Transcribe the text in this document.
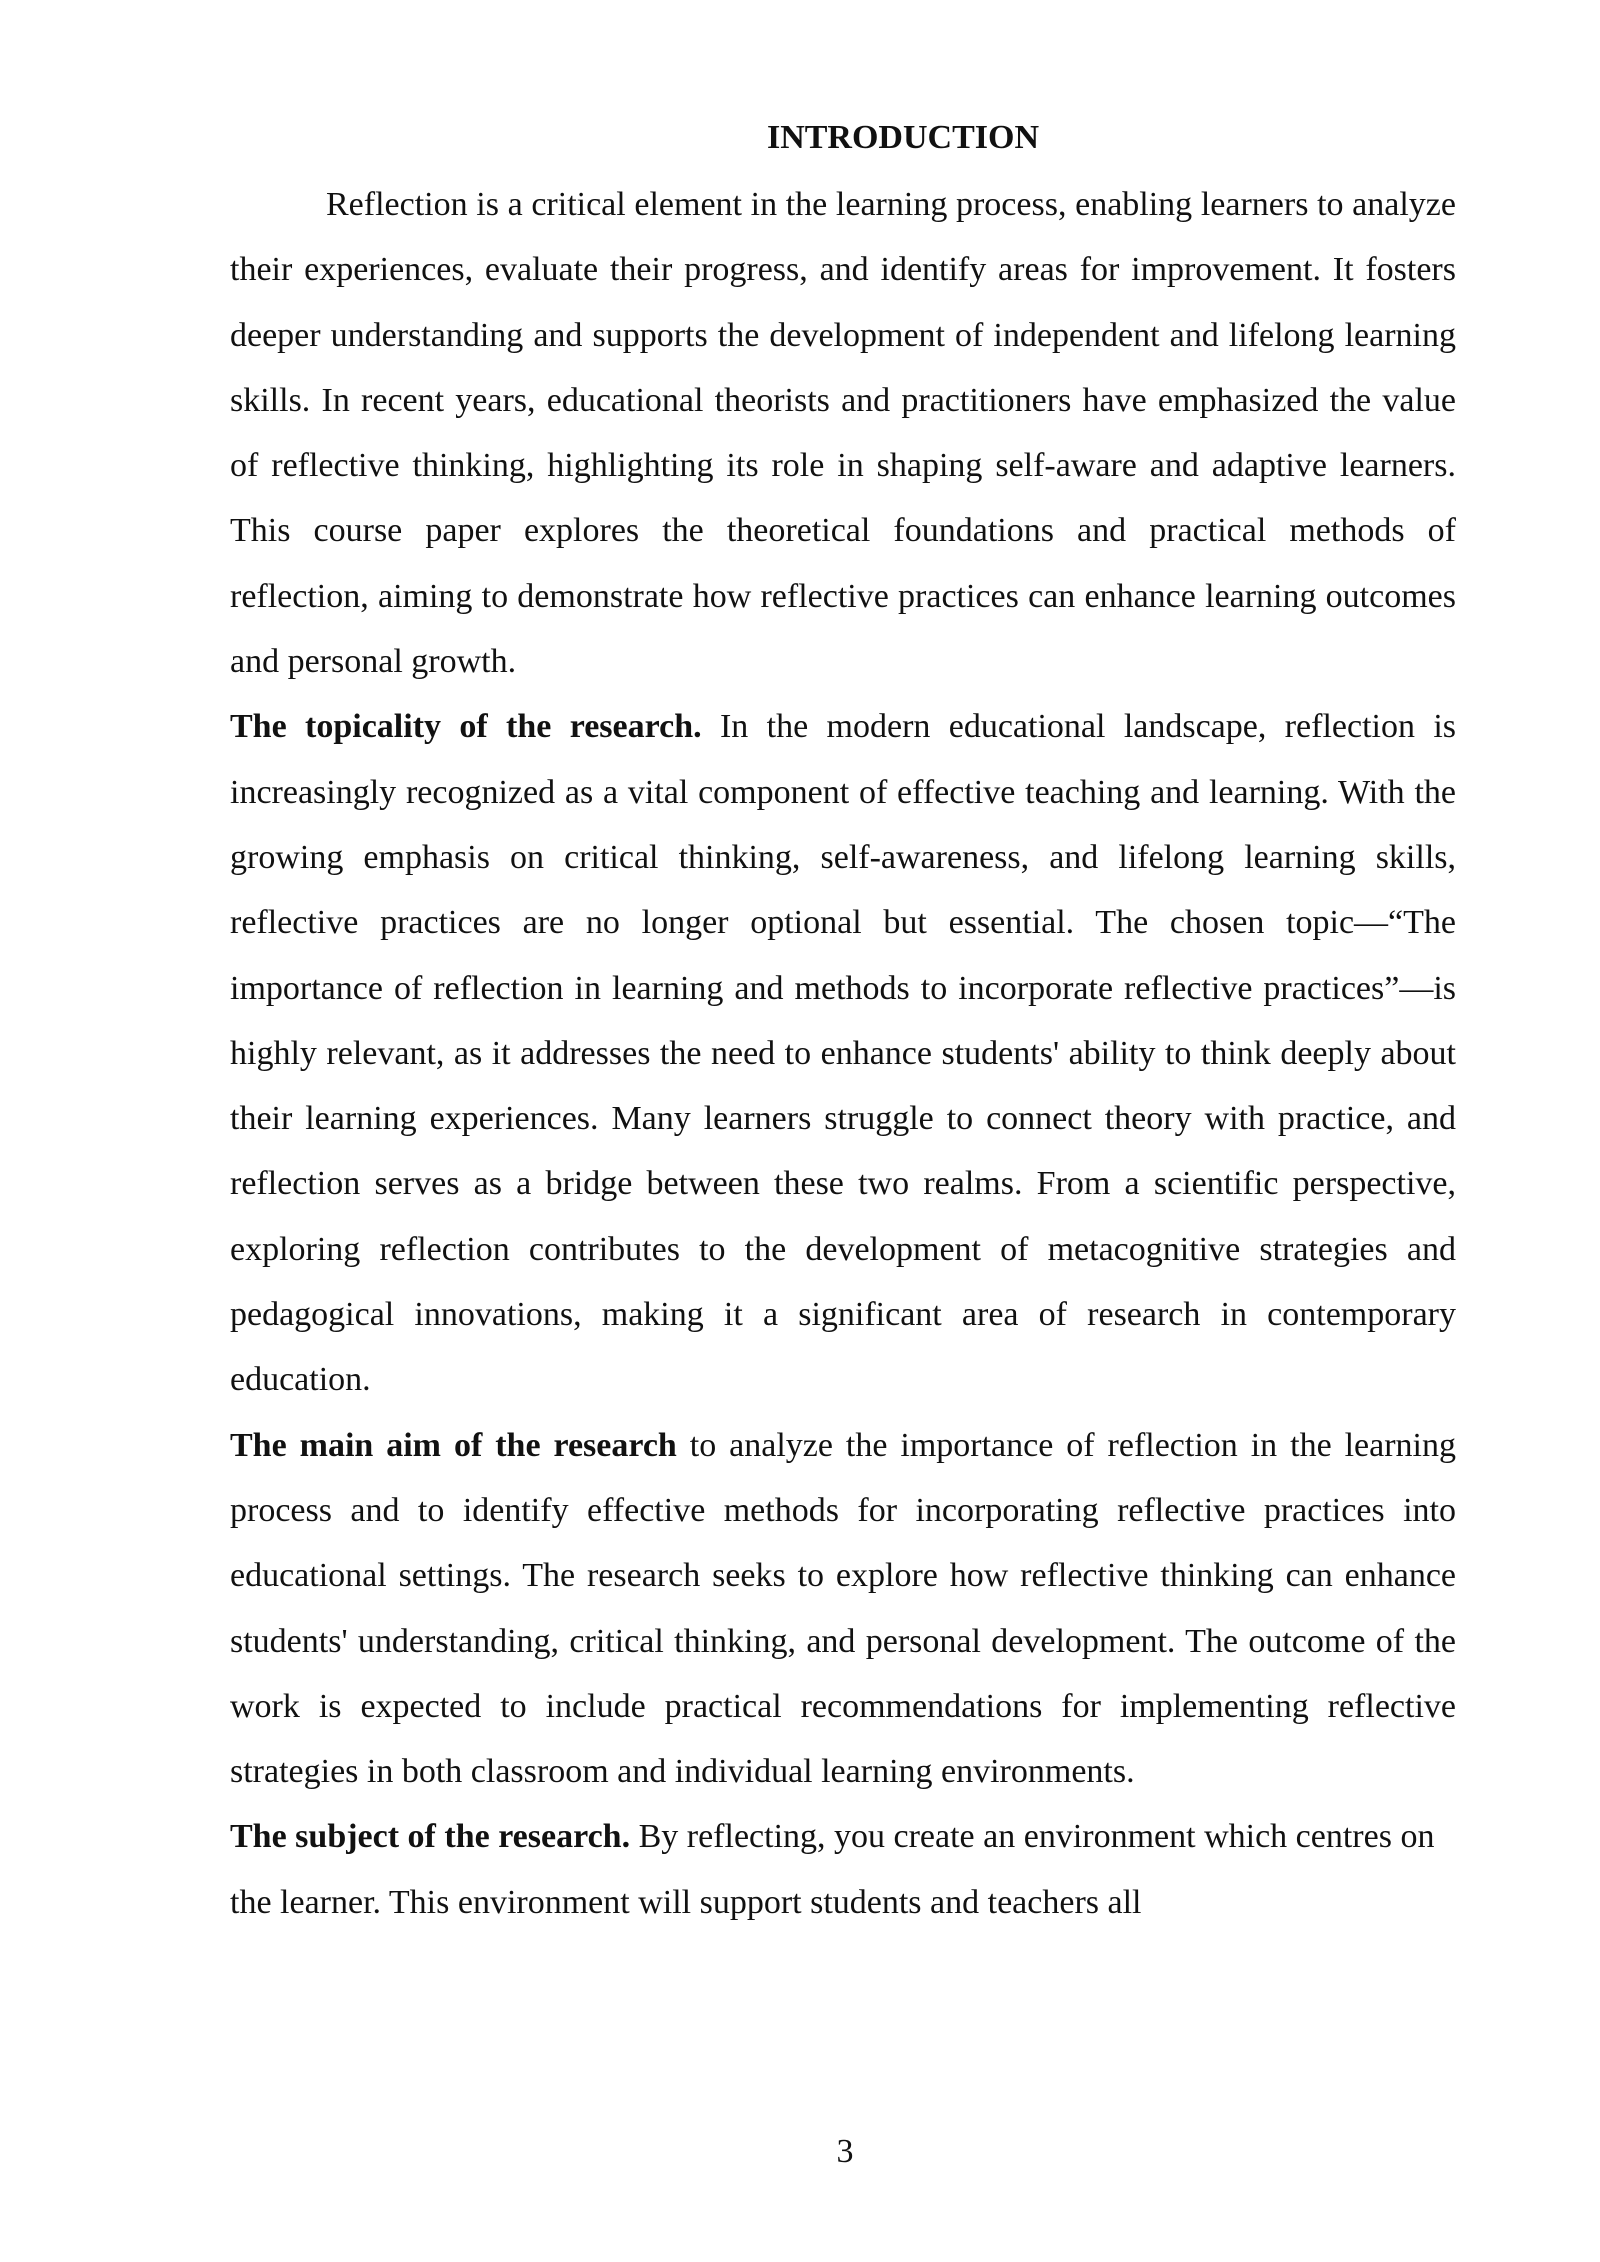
INTRODUCTION

Reflection is a critical element in the learning process, enabling learners to analyze their experiences, evaluate their progress, and identify areas for improvement. It fosters deeper understanding and supports the development of independent and lifelong learning skills. In recent years, educational theorists and practitioners have emphasized the value of reflective thinking, highlighting its role in shaping self-aware and adaptive learners. This course paper explores the theoretical foundations and practical methods of reflection, aiming to demonstrate how reflective practices can enhance learning outcomes and personal growth.

The topicality of the research. In the modern educational landscape, reflection is increasingly recognized as a vital component of effective teaching and learning. With the growing emphasis on critical thinking, self-awareness, and lifelong learning skills, reflective practices are no longer optional but essential. The chosen topic—“The importance of reflection in learning and methods to incorporate reflective practices”—is highly relevant, as it addresses the need to enhance students' ability to think deeply about their learning experiences. Many learners struggle to connect theory with practice, and reflection serves as a bridge between these two realms. From a scientific perspective, exploring reflection contributes to the development of metacognitive strategies and pedagogical innovations, making it a significant area of research in contemporary education.

The main aim of the research to analyze the importance of reflection in the learning process and to identify effective methods for incorporating reflective practices into educational settings. The research seeks to explore how reflective thinking can enhance students' understanding, critical thinking, and personal development. The outcome of the work is expected to include practical recommendations for implementing reflective strategies in both classroom and individual learning environments.

The subject of the research. By reflecting, you create an environment which centres on the learner. This environment will support students and teachers all

3
